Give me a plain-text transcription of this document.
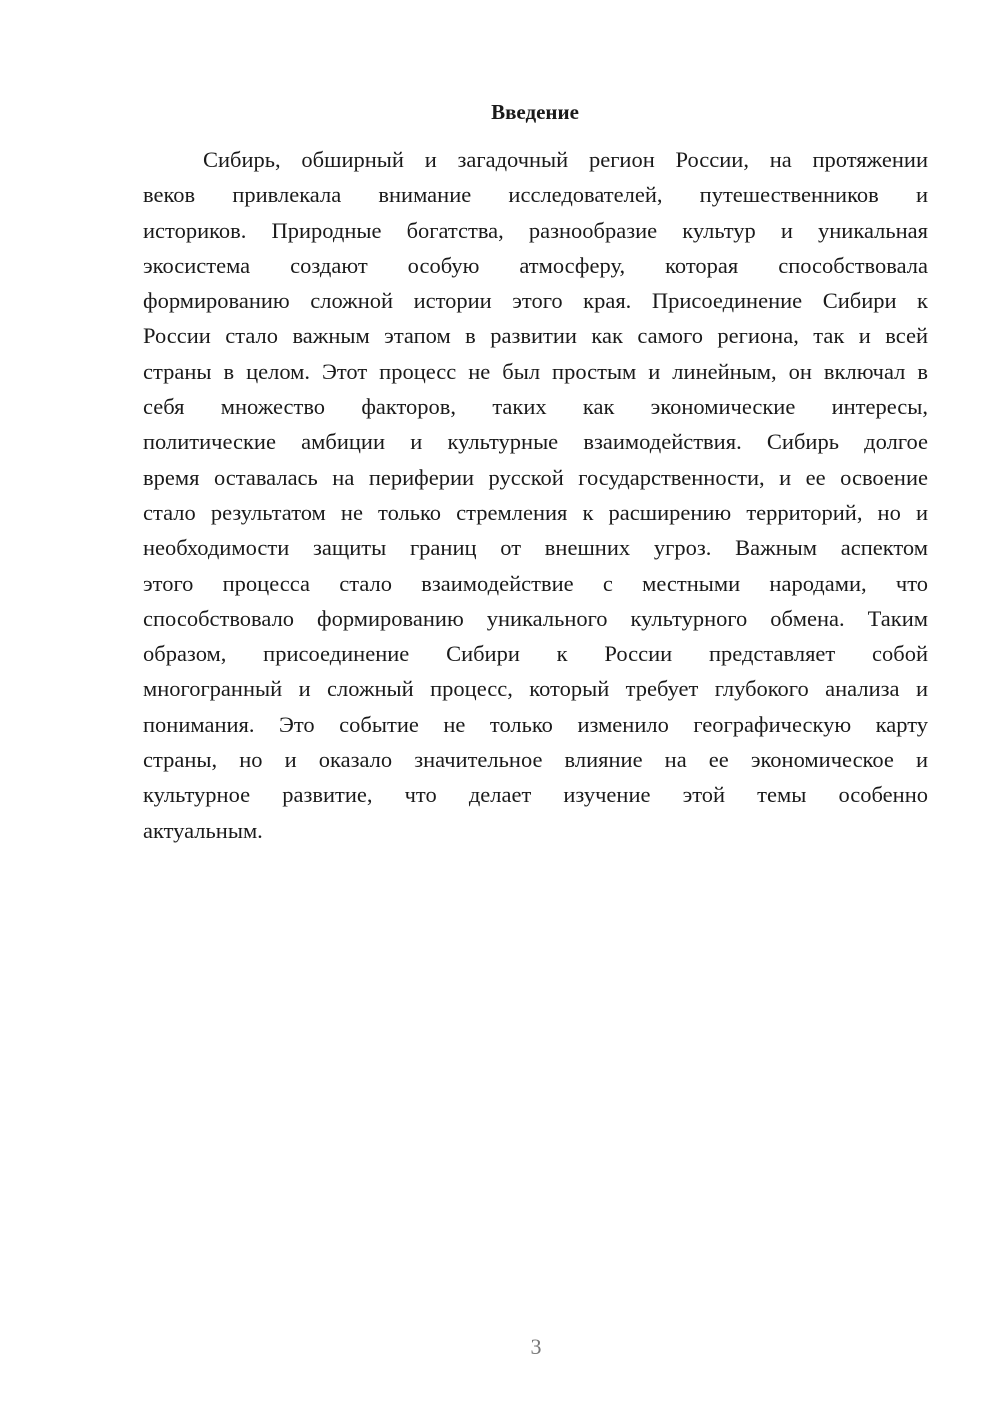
Введение
Сибирь, обширный и загадочный регион России, на протяжении
веков привлекала внимание исследователей, путешественников и
историков. Природные богатства, разнообразие культур и уникальная
экосистема создают особую атмосферу, которая способствовала
формированию сложной истории этого края. Присоединение Сибири к
России стало важным этапом в развитии как самого региона, так и всей
страны в целом. Этот процесс не был простым и линейным, он включал в
себя множество факторов, таких как экономические интересы,
политические амбиции и культурные взаимодействия. Сибирь долгое
время оставалась на периферии русской государственности, и ее освоение
стало результатом не только стремления к расширению территорий, но и
необходимости защиты границ от внешних угроз. Важным аспектом
этого процесса стало взаимодействие с местными народами, что
способствовало формированию уникального культурного обмена. Таким
образом, присоединение Сибири к России представляет собой
многогранный и сложный процесс, который требует глубокого анализа и
понимания. Это событие не только изменило географическую карту
страны, но и оказало значительное влияние на ее экономическое и
культурное развитие, что делает изучение этой темы особенно
актуальным.
3
